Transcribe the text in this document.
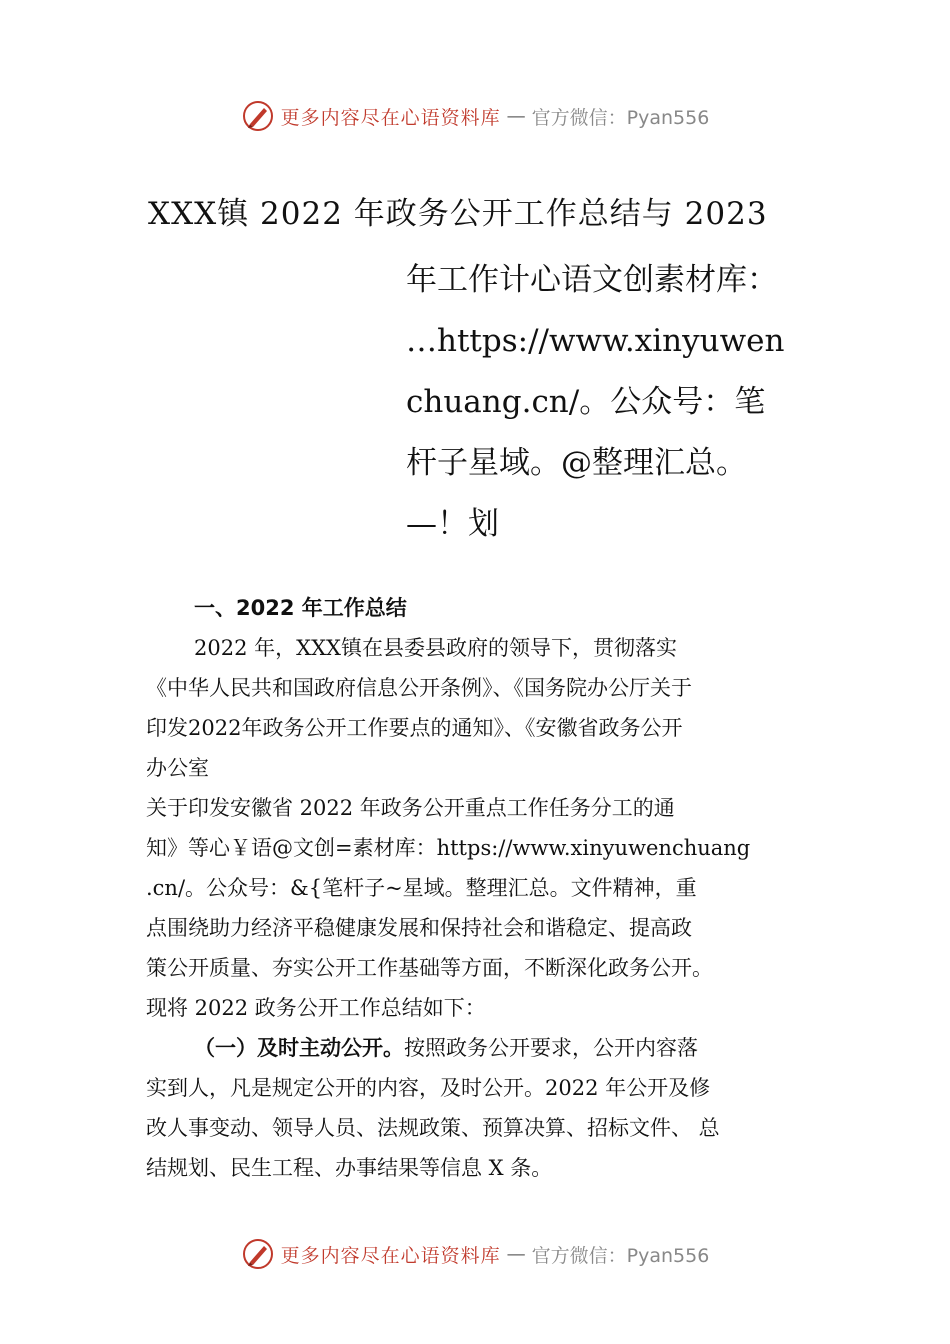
更多内容尽在心语资料库 — 官方微信：Pyan556
XXX镇 2022 年政务公开工作总结与 2023
年工作计心语文创素材库：
…https://www.xinyuwen
chuang.cn/。公众号：笔
杆子星域。@整理汇总。
—！划
一、2022 年工作总结
2022 年，XXX镇在县委县政府的领导下，贯彻落实
《中华人民共和国政府信息公开条例》、《国务院办公厅关于
印发2022年政务公开工作要点的通知》、《安徽省政务公开
办公室
关于印发安徽省 2022 年政务公开重点工作任务分工的通
知》等心￥语@文创=素材库：https://www.xinyuwenchuang
.cn/。公众号：&{笔杆子~星域。整理汇总。文件精神，重
点围绕助力经济平稳健康发展和保持社会和谐稳定、提高政
策公开质量、夯实公开工作基础等方面，不断深化政务公开。
现将 2022 政务公开工作总结如下：
（一）及时主动公开。按照政务公开要求，公开内容落
实到人，凡是规定公开的内容，及时公开。2022 年公开及修
改人事变动、领导人员、法规政策、预算决算、招标文件、 总
结规划、民生工程、办事结果等信息 X 条。
更多内容尽在心语资料库 — 官方微信：Pyan556
